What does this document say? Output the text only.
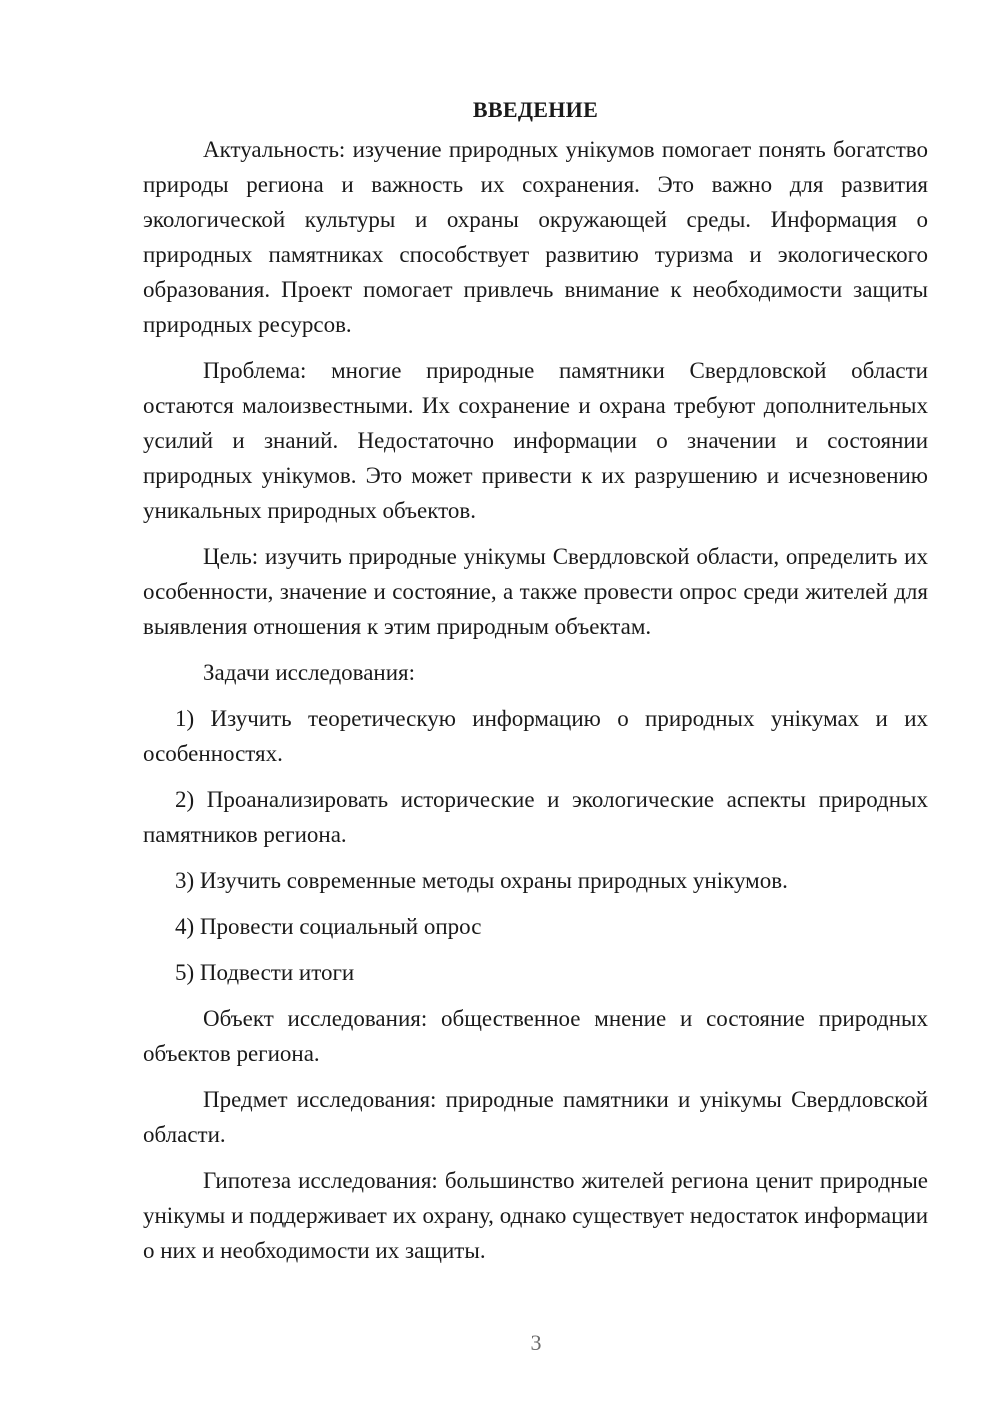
ВВЕДЕНИЕ

Актуальность: изучение природных унікумов помогает понять богатство природы региона и важность их сохранения. Это важно для развития экологической культуры и охраны окружающей среды. Информация о природных памятниках способствует развитию туризма и экологического образования. Проект помогает привлечь внимание к необходимости защиты природных ресурсов.

Проблема: многие природные памятники Свердловской области остаются малоизвестными. Их сохранение и охрана требуют дополнительных усилий и знаний. Недостаточно информации о значении и состоянии природных унікумов. Это может привести к их разрушению и исчезновению уникальных природных объектов.

Цель: изучить природные унікумы Свердловской области, определить их особенности, значение и состояние, а также провести опрос среди жителей для выявления отношения к этим природным объектам.

Задачи исследования:

1) Изучить теоретическую информацию о природных унікумах и их особенностях.

2) Проанализировать исторические и экологические аспекты природных памятников региона.

3) Изучить современные методы охраны природных унікумов.

4) Провести социальный опрос

5) Подвести итоги

Объект исследования: общественное мнение и состояние природных объектов региона.

Предмет исследования: природные памятники и унікумы Свердловской области.

Гипотеза исследования: большинство жителей региона ценит природные унікумы и поддерживает их охрану, однако существует недостаток информации о них и необходимости их защиты.

3
